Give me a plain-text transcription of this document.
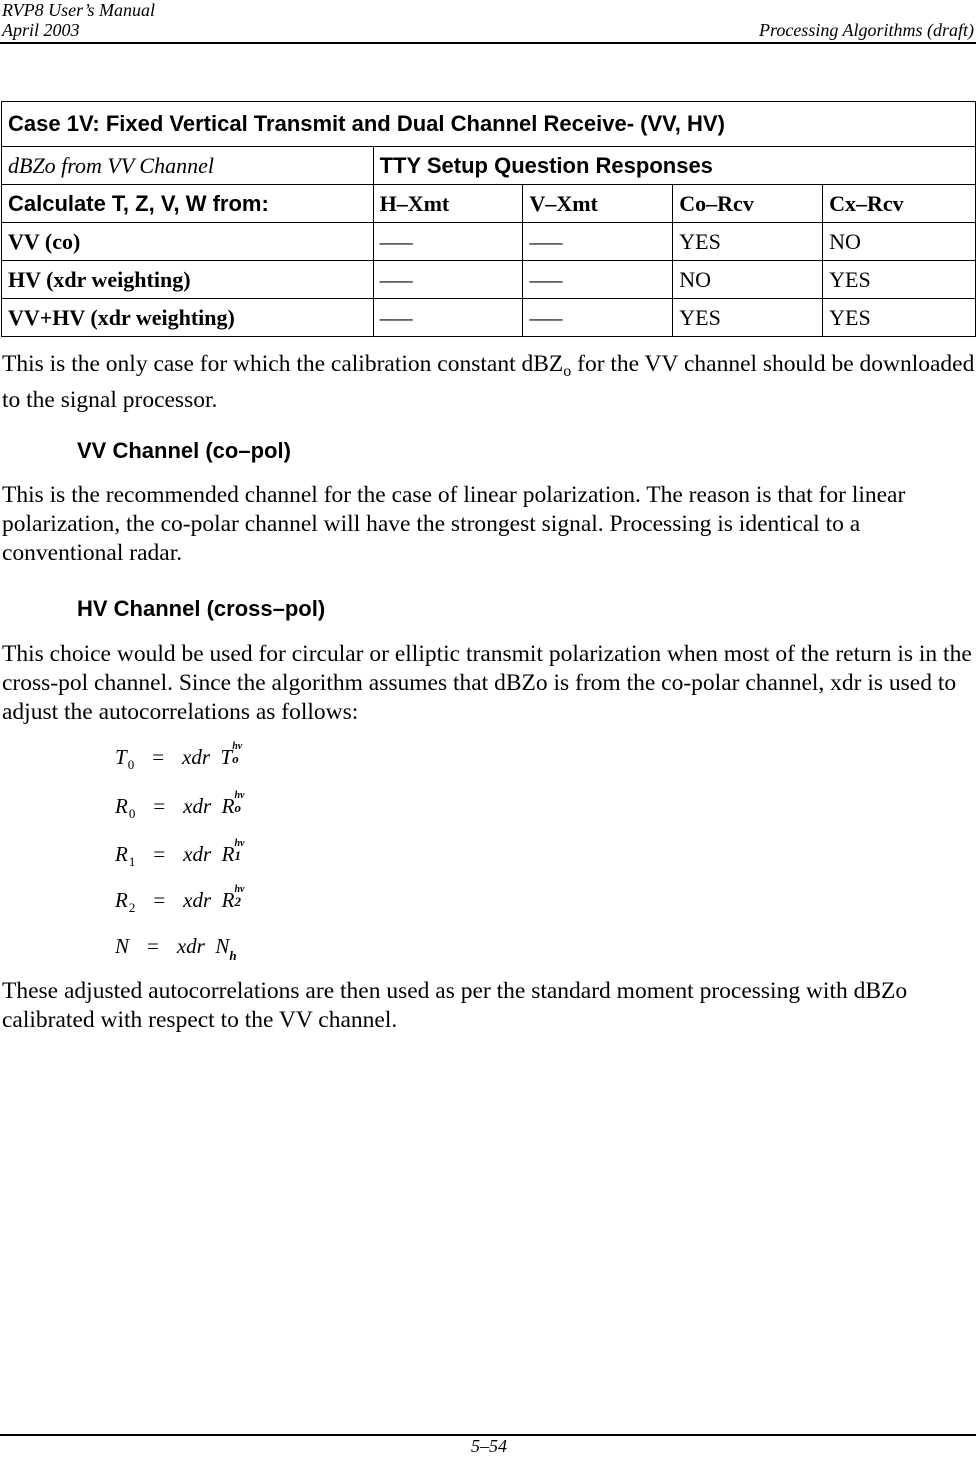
RVP8 User’s Manual
April 2003	Processing Algorithms (draft)
Case 1V: Fixed Vertical Transmit and Dual Channel Receive- (VV, HV)				
dBZo from VV Channel	TTY Setup Question Responses			
Calculate T, Z, V, W from:	H–Xmt	V–Xmt	Co–Rcv	Cx–Rcv
VV (co)	–––	–––	YES	NO
HV (xdr weighting)	–––	–––	NO	YES
VV+HV (xdr weighting)	–––	–––	YES	YES

This is the only case for which the calibration constant dBZ$_o$ for the VV channel should be downloaded to the signal processor.

VV Channel (co–pol)

This is the recommended channel for the case of linear polarization. The reason is that for linear polarization, the co-polar channel will have the strongest signal. Processing is identical to a conventional radar.

HV Channel (cross–pol)

This choice would be used for circular or elliptic transmit polarization when most of the return is in the cross-pol channel. Since the algorithm assumes that dBZo is from the co-polar channel, xdr is used to adjust the autocorrelations as follows:

$T_0$ = xdr T hv
o
$R_0$ = xdr R hv
o
$R_1$ = xdr R hv
1
$R_2$ = xdr R hv
2
N = xdr $N_h$

These adjusted autocorrelations are then used as per the standard moment processing with dBZo calibrated with respect to the VV channel.

5–54
